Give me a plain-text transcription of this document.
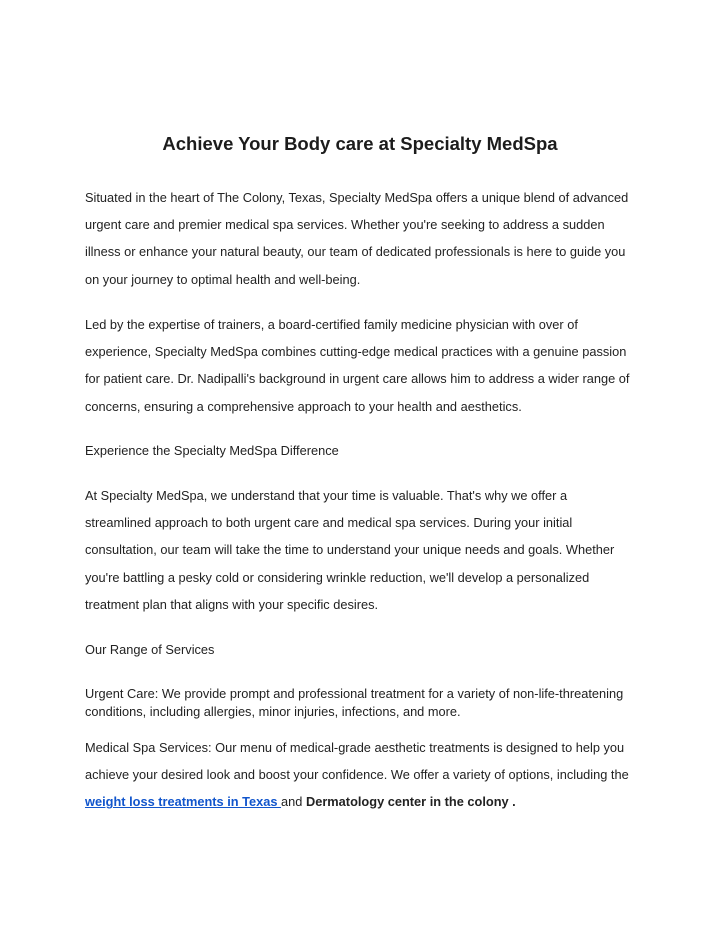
Achieve Your Body care at Specialty MedSpa

Situated in the heart of The Colony, Texas, Specialty MedSpa offers a unique blend of advanced
urgent care and premier medical spa services. Whether you're seeking to address a sudden
illness or enhance your natural beauty, our team of dedicated professionals is here to guide you
on your journey to optimal health and well-being.

Led by the expertise of trainers, a board-certified family medicine physician with over of
experience, Specialty MedSpa combines cutting-edge medical practices with a genuine passion
for patient care. Dr. Nadipalli's background in urgent care allows him to address a wider range of
concerns, ensuring a comprehensive approach to your health and aesthetics.

Experience the Specialty MedSpa Difference

At Specialty MedSpa, we understand that your time is valuable. That's why we offer a
streamlined approach to both urgent care and medical spa services. During your initial
consultation, our team will take the time to understand your unique needs and goals. Whether
you're battling a pesky cold or considering wrinkle reduction, we'll develop a personalized
treatment plan that aligns with your specific desires.

Our Range of Services

Urgent Care: We provide prompt and professional treatment for a variety of non-life-threatening
conditions, including allergies, minor injuries, infections, and more.

Medical Spa Services: Our menu of medical-grade aesthetic treatments is designed to help you
achieve your desired look and boost your confidence. We offer a variety of options, including the
weight loss treatments in Texas and Dermatology center in the colony .
